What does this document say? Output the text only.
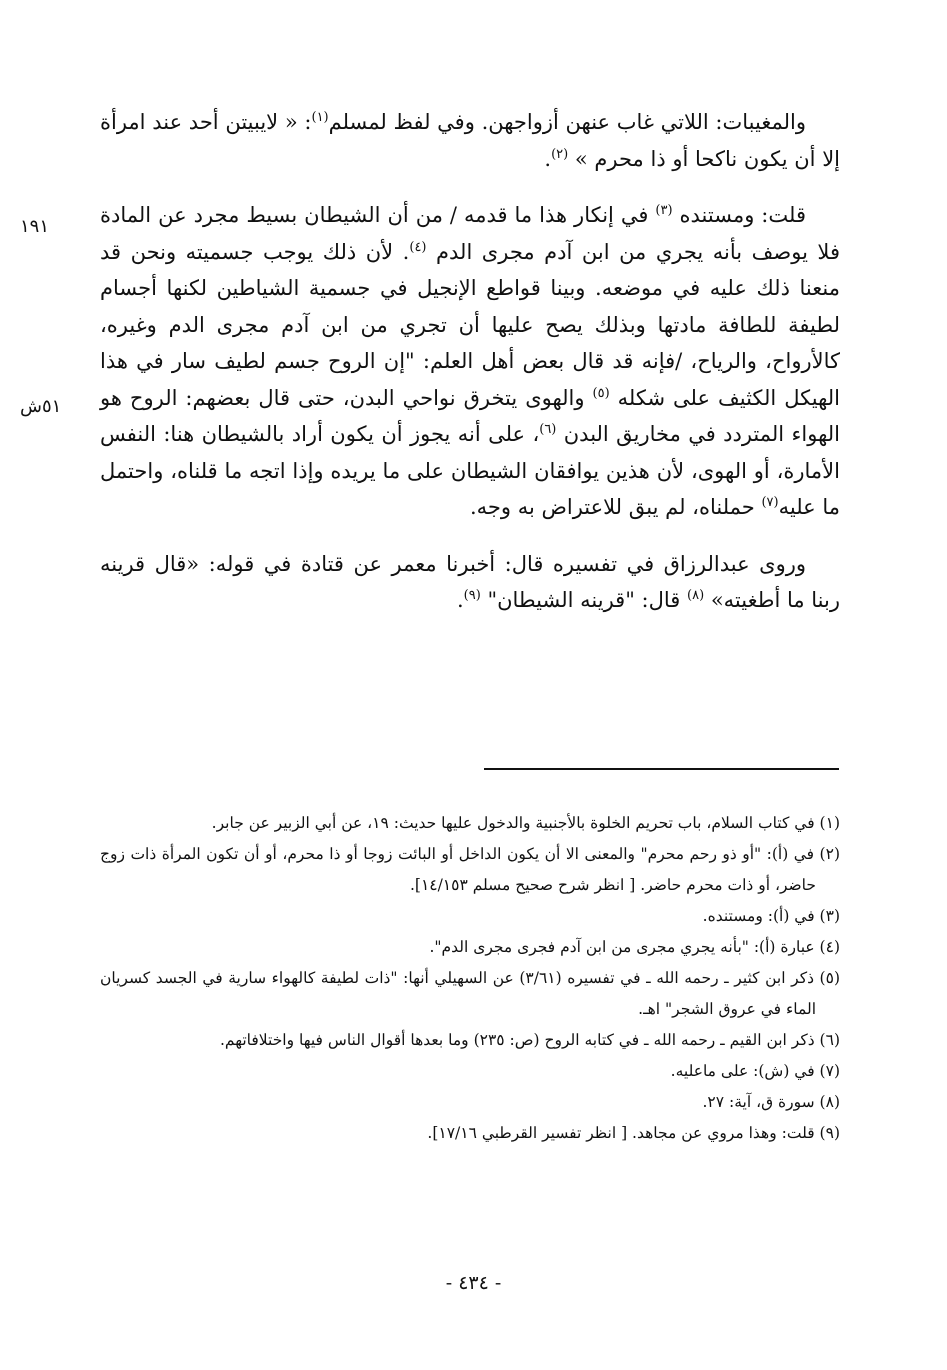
والمغيبات: اللاتي غاب عنهن أزواجهن. وفي لفظ لمسلم$^{(١)}$: « لايبيتن أحد عند امرأة إلا أن يكون ناكحا أو ذا محرم » $^{(٢)}$.

قلت: ومستنده $^{(٣)}$ في إنكار هذا ما قدمه / من أن الشيطان بسيط مجرد عن المادة فلا يوصف بأنه يجري من ابن آدم مجرى الدم $^{(٤)}$. لأن ذلك يوجب جسميته ونحن قد منعنا ذلك عليه في موضعه. وبينا قواطع الإنجيل في جسمية الشياطين لكنها أجسام لطيفة للطافة مادتها وبذلك يصح عليها أن تجري من ابن آدم مجرى الدم وغيره، كالأرواح، والرياح، /فإنه قد قال بعض أهل العلم: "إن الروح جسم لطيف سار في هذا الهيكل الكثيف على شكله $^{(٥)}$ والهوى يتخرق نواحي البدن، حتى قال بعضهم: الروح هو الهواء المتردد في مخاريق البدن $^{(٦)}$، على أنه يجوز أن يكون أراد بالشيطان هنا: النفس الأمارة، أو الهوى، لأن هذين يوافقان الشيطان على ما يريده وإذا اتجه ما قلناه، واحتمل ما عليه$^{(٧)}$ حملناه، لم يبق للاعتراض به وجه.

وروى عبدالرزاق في تفسيره قال: أخبرنا معمر عن قتادة في قوله: «قال قرينه ربنا ما أطغيته» $^{(٨)}$ قال: "قرينه الشيطان" $^{(٩)}$.

١٩١
٥١ش

(١) في كتاب السلام، باب تحريم الخلوة بالأجنبية والدخول عليها حديث: ١٩، عن أبي الزبير عن جابر.

(٢) في (أ): "أو ذو رحم محرم" والمعنى الا أن يكون الداخل أو البائت زوجا أو ذا محرم، أو أن تكون المرأة ذات زوج حاضر، أو ذات محرم حاضر. [ انظر شرح صحيح مسلم ١٤/١٥٣].

(٣) في (أ): ومستنده.

(٤) عبارة (أ): "بأنه يجري مجرى من ابن آدم فجرى مجرى الدم".

(٥) ذكر ابن كثير ـ رحمه الله ـ في تفسيره (٣/٦١) عن السهيلي أنها: "ذات لطيفة كالهواء سارية في الجسد كسريان الماء في عروق الشجر" اهـ.

(٦) ذكر ابن القيم ـ رحمه الله ـ في كتابه الروح (ص: ٢٣٥) وما بعدها أقوال الناس فيها واختلافاتهم.

(٧) في (ش): على ماعليه.

(٨) سورة ق، آية: ٢٧.

(٩) قلت: وهذا مروي عن مجاهد. [ انظر تفسير القرطبي ١٧/١٦].

- ٤٣٤ -
